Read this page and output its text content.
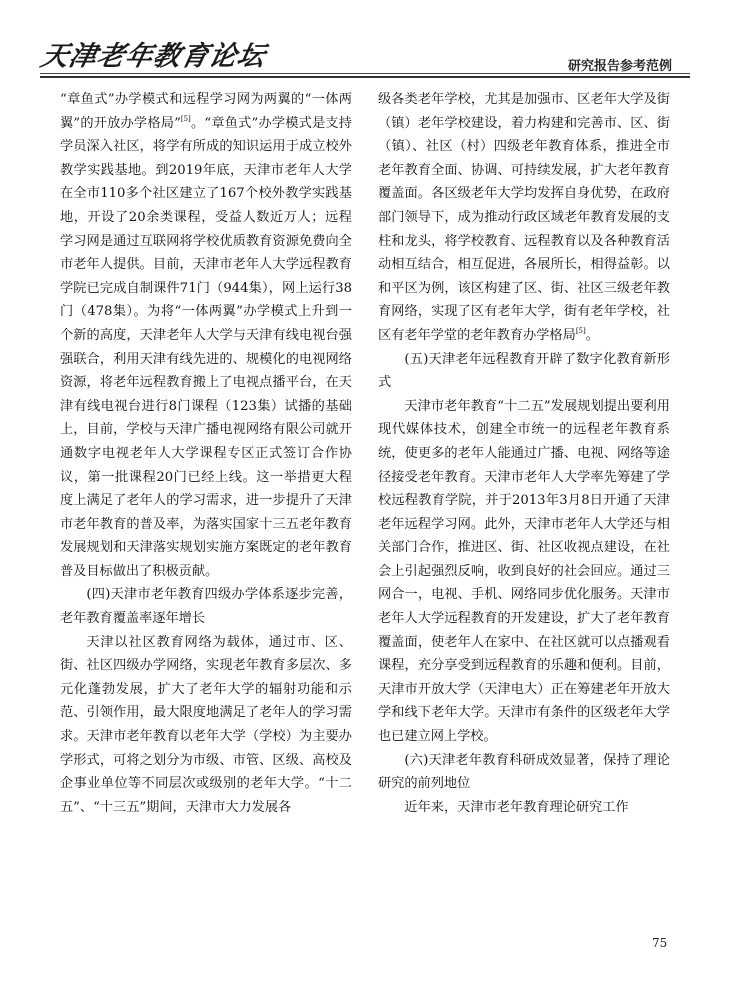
天津老年教育论坛	研究报告参考范例

“章鱼式”办学模式和远程学习网为两翼的“一体两翼”的开放办学格局”[5]。“章鱼式”办学模式是支持学员深入社区，将学有所成的知识运用于成立校外教学实践基地。到2019年底，天津市老年人大学在全市110多个社区建立了167个校外教学实践基地，开设了20余类课程，受益人数近万人；远程学习网是通过互联网将学校优质教育资源免费向全市老年人提供。目前，天津市老年人大学远程教育学院已完成自制课件71门（944集），网上运行38门（478集）。为将“一体两翼”办学模式上升到一个新的高度，天津老年人大学与天津有线电视台强强联合，利用天津有线先进的、规模化的电视网络资源，将老年远程教育搬上了电视点播平台，在天津有线电视台进行8门课程（123集）试播的基础上，目前，学校与天津广播电视网络有限公司就开通数字电视老年人大学课程专区正式签订合作协议，第一批课程20门已经上线。这一举措更大程度上满足了老年人的学习需求，进一步提升了天津市老年教育的普及率，为落实国家十三五老年教育发展规划和天津落实规划实施方案既定的老年教育普及目标做出了积极贡献。

(四)天津市老年教育四级办学体系逐步完善，老年教育覆盖率逐年增长

天津以社区教育网络为载体，通过市、区、街、社区四级办学网络，实现老年教育多层次、多元化蓬勃发展，扩大了老年大学的辐射功能和示范、引领作用，最大限度地满足了老年人的学习需求。天津市老年教育以老年大学（学校）为主要办学形式，可将之划分为市级、市管、区级、高校及企事业单位等不同层次或级别的老年大学。“十二五”、“十三五”期间，天津市大力发展各

级各类老年学校，尤其是加强市、区老年大学及街（镇）老年学校建设，着力构建和完善市、区、街（镇）、社区（村）四级老年教育体系，推进全市老年教育全面、协调、可持续发展，扩大老年教育覆盖面。各区级老年大学均发挥自身优势，在政府部门领导下，成为推动行政区域老年教育发展的支柱和龙头，将学校教育、远程教育以及各种教育活动相互结合，相互促进，各展所长，相得益彰。以和平区为例，该区构建了区、街、社区三级老年教育网络，实现了区有老年大学，街有老年学校，社区有老年学堂的老年教育办学格局[5]。

(五)天津老年远程教育开辟了数字化教育新形式

天津市老年教育“十二五”发展规划提出要利用现代媒体技术，创建全市统一的远程老年教育系统，使更多的老年人能通过广播、电视、网络等途径接受老年教育。天津市老年人大学率先筹建了学校远程教育学院，并于2013年3月8日开通了天津老年远程学习网。此外，天津市老年人大学还与相关部门合作，推进区、街、社区收视点建设，在社会上引起强烈反响，收到良好的社会回应。通过三网合一，电视、手机、网络同步优化服务。天津市老年人大学远程教育的开发建设，扩大了老年教育覆盖面，使老年人在家中、在社区就可以点播观看课程，充分享受到远程教育的乐趣和便利。目前，天津市开放大学（天津电大）正在筹建老年开放大学和线下老年大学。天津市有条件的区级老年大学也已建立网上学校。

(六)天津老年教育科研成效显著，保持了理论研究的前列地位

近年来，天津市老年教育理论研究工作

75
